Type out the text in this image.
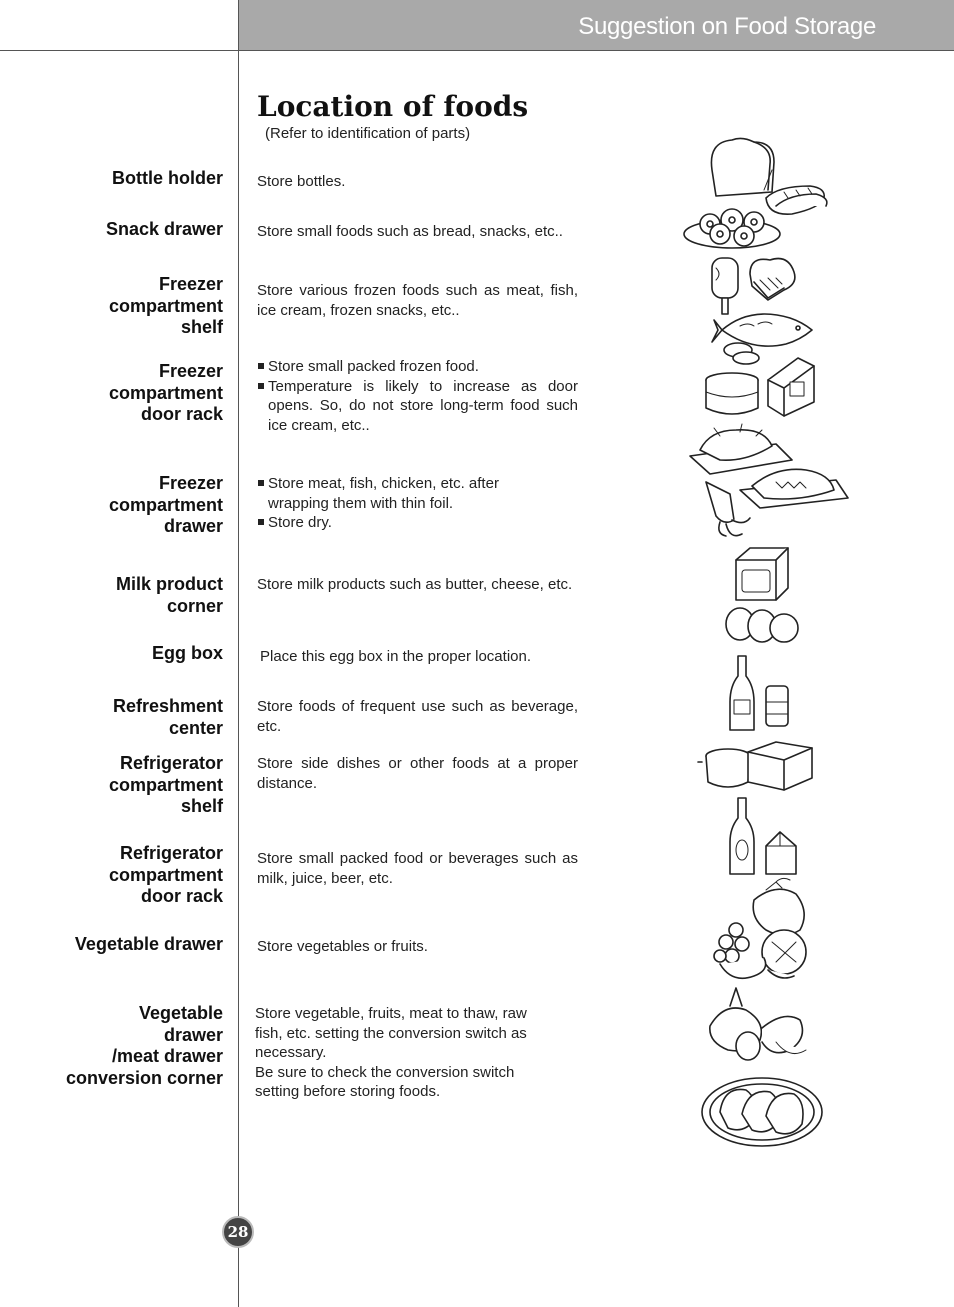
Suggestion on Food Storage
Location of foods
(Refer to identification of parts)
Bottle holder Store bottles.
Snack drawer Store small foods such as bread, snacks, etc..
Freezer
compartment
shelf
Store various frozen foods such as meat, fish, ice cream, frozen snacks, etc..
Freezer
compartment
door rack
Store small packed frozen food.
Temperature is likely to increase as door opens. So, do not store long-term food such ice cream, etc..
Freezer
compartment
drawer
Store meat, fish, chicken, etc. after wrapping them with thin foil.
Store dry.
Milk product
corner
Store milk products such as butter, cheese, etc.
Egg box Place this egg box in the proper location.
Refreshment
center
Store foods of frequent use such as beverage, etc.
Refrigerator
compartment
shelf
Store side dishes or other foods at a proper distance.
Refrigerator
compartment
door rack
Store small packed food or beverages such as milk, juice, beer, etc.
Vegetable drawer Store vegetables or fruits.
Vegetable
drawer
/meat drawer
conversion corner
Store vegetable, fruits, meat to thaw, raw fish, etc. setting the conversion switch as necessary.
Be sure to check the conversion switch setting before storing foods.
28
